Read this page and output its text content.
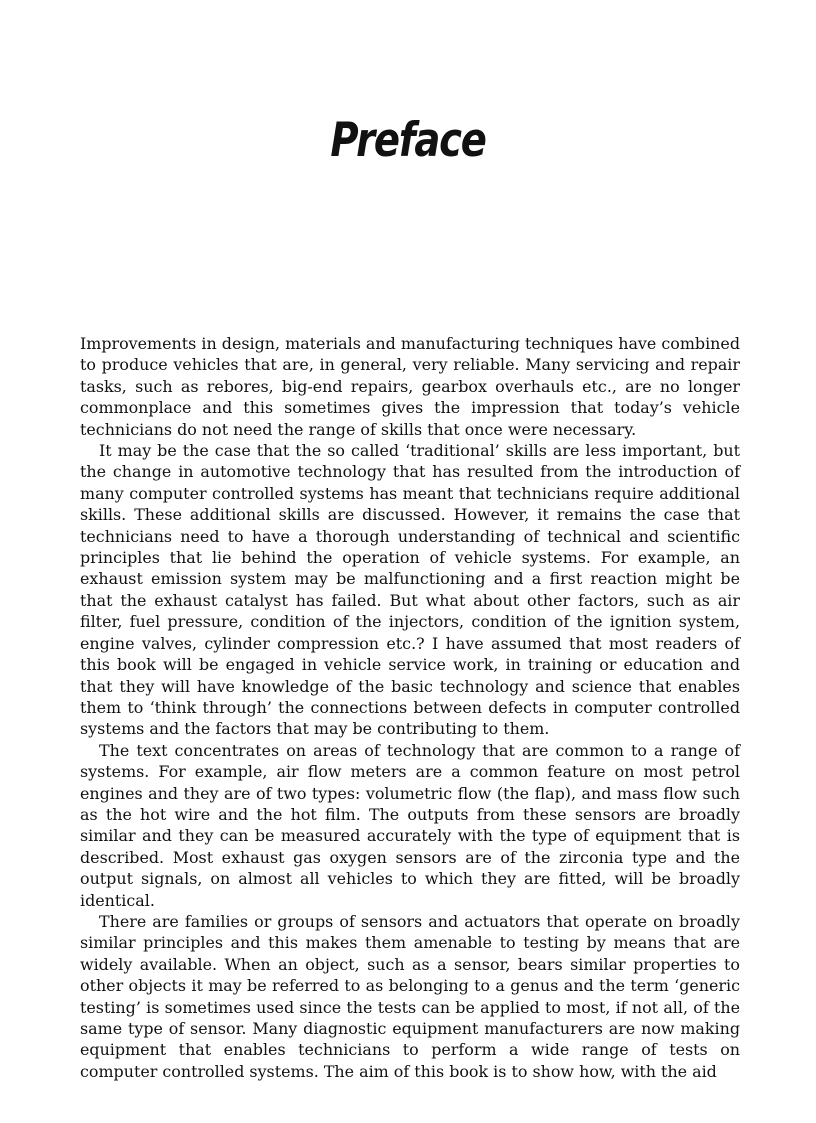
Preface

Improvements in design, materials and manufacturing techniques have combined to produce vehicles that are, in general, very reliable. Many servicing and repair tasks, such as rebores, big-end repairs, gearbox overhauls etc., are no longer commonplace and this sometimes gives the impression that today’s vehicle technicians do not need the range of skills that once were necessary.

It may be the case that the so called ‘traditional’ skills are less important, but the change in automotive technology that has resulted from the introduction of many computer controlled systems has meant that technicians require additional skills. These additional skills are discussed. However, it remains the case that technicians need to have a thorough understanding of technical and scientific principles that lie behind the operation of vehicle systems. For example, an exhaust emission system may be malfunctioning and a first reaction might be that the exhaust catalyst has failed. But what about other factors, such as air filter, fuel pressure, condition of the injectors, condition of the ignition system, engine valves, cylinder compression etc.? I have assumed that most readers of this book will be engaged in vehicle service work, in training or education and that they will have knowledge of the basic technology and science that enables them to ‘think through’ the connections between defects in computer controlled systems and the factors that may be contributing to them.

The text concentrates on areas of technology that are common to a range of systems. For example, air flow meters are a common feature on most petrol engines and they are of two types: volumetric flow (the flap), and mass flow such as the hot wire and the hot film. The outputs from these sensors are broadly similar and they can be measured accurately with the type of equipment that is described. Most exhaust gas oxygen sensors are of the zirconia type and the output signals, on almost all vehicles to which they are fitted, will be broadly identical.

There are families or groups of sensors and actuators that operate on broadly similar principles and this makes them amenable to testing by means that are widely available. When an object, such as a sensor, bears similar properties to other objects it may be referred to as belonging to a genus and the term ‘generic testing’ is sometimes used since the tests can be applied to most, if not all, of the same type of sensor. Many diagnostic equipment manufacturers are now making equipment that enables technicians to perform a wide range of tests on computer controlled systems. The aim of this book is to show how, with the aid
